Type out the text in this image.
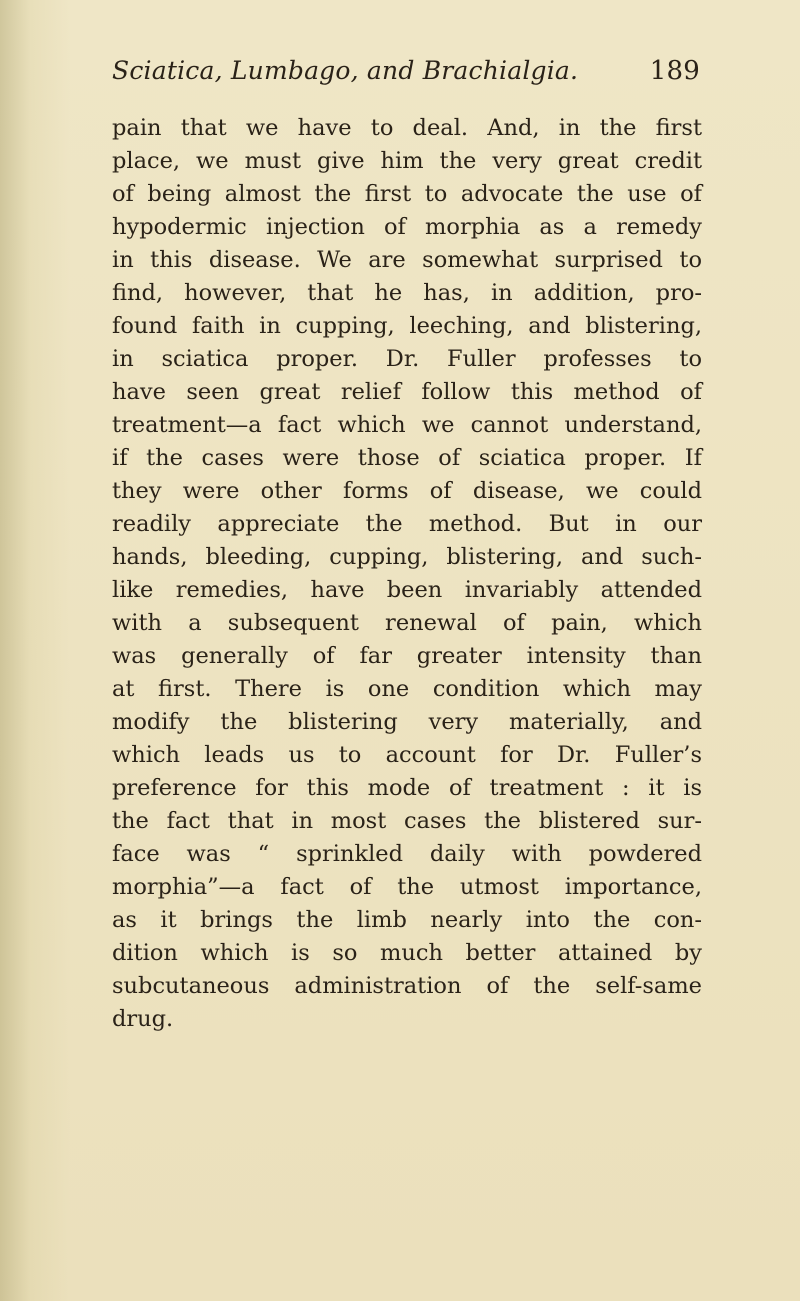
Sciatica, Lumbago, and Brachialgia.	189
pain that we have to deal. And, in the first
place, we must give him the very great credit
of being almost the first to advocate the use of
hypodermic injection of morphia as a remedy
in this disease. We are somewhat surprised to
find, however, that he has, in addition, pro-
found faith in cupping, leeching, and blistering,
in sciatica proper. Dr. Fuller professes to
have seen great relief follow this method of
treatment—a fact which we cannot understand,
if the cases were those of sciatica proper. If
they were other forms of disease, we could
readily appreciate the method. But in our
hands, bleeding, cupping, blistering, and such-
like remedies, have been invariably attended
with a subsequent renewal of pain, which
was generally of far greater intensity than
at first. There is one condition which may
modify the blistering very materially, and
which leads us to account for Dr. Fuller’s
preference for this mode of treatment : it is
the fact that in most cases the blistered sur-
face was “ sprinkled daily with powdered
morphia”—a fact of the utmost importance,
as it brings the limb nearly into the con-
dition which is so much better attained by
subcutaneous administration of the self-same
drug.
